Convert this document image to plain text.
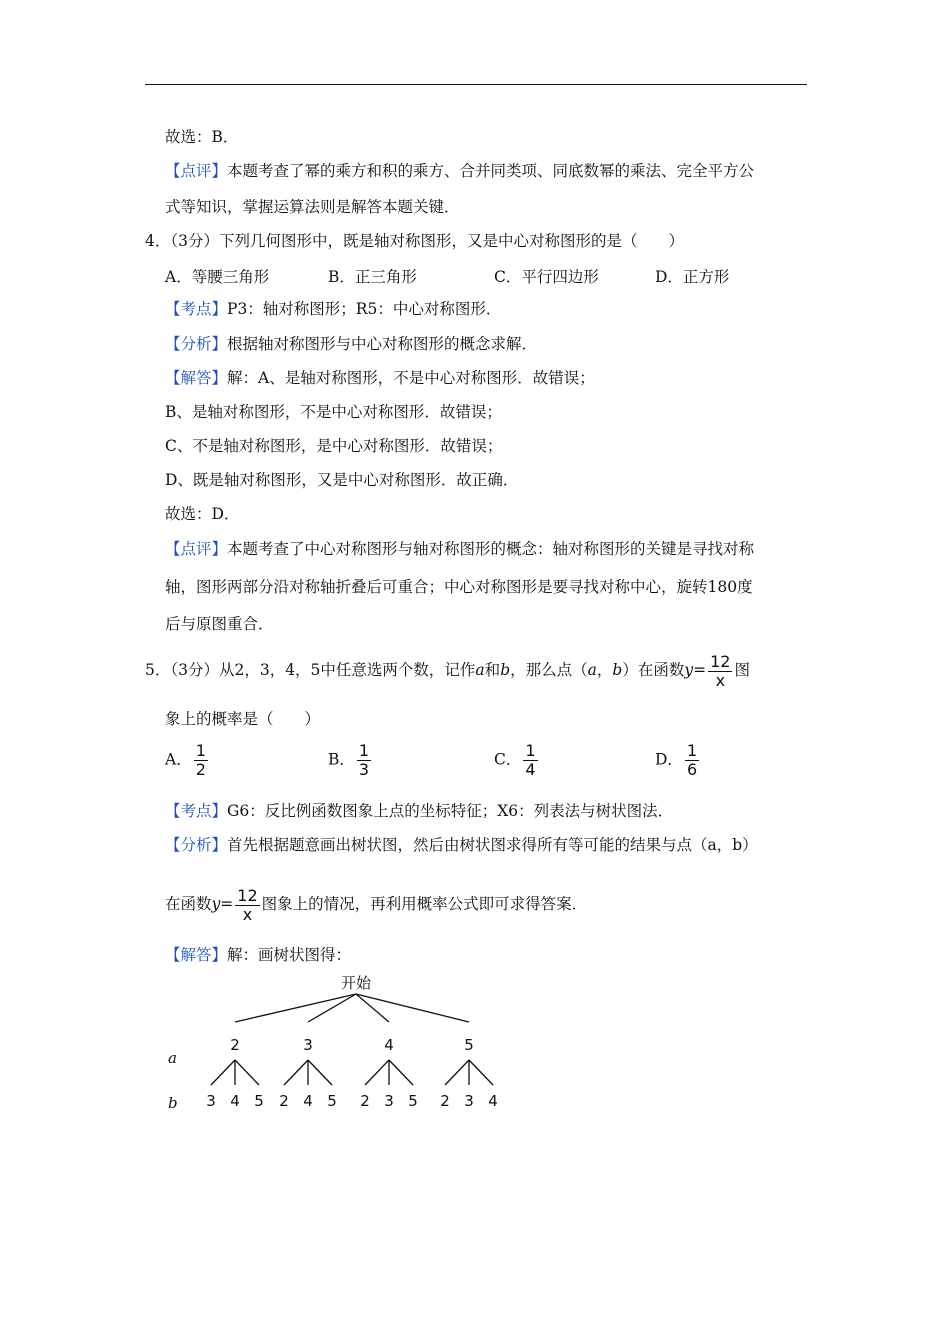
故选：B．
【点评】本题考查了幂的乘方和积的乘方、合并同类项、同底数幂的乘法、完全平方公
式等知识，掌握运算法则是解答本题关键．
4．（3分）下列几何图形中，既是轴对称图形，又是中心对称图形的是（　　）
A．等腰三角形	B．正三角形	C．平行四边形	D．正方形
【考点】P3：轴对称图形；R5：中心对称图形．
【分析】根据轴对称图形与中心对称图形的概念求解．
【解答】解：A、是轴对称图形，不是中心对称图形．故错误；
B、是轴对称图形，不是中心对称图形．故错误；
C、不是轴对称图形，是中心对称图形．故错误；
D、既是轴对称图形，又是中心对称图形．故正确．
故选：D．
【点评】本题考查了中心对称图形与轴对称图形的概念：轴对称图形的关键是寻找对称
轴，图形两部分沿对称轴折叠后可重合；中心对称图形是要寻找对称中心，旋转180度
后与原图重合．
5．（3分）从2，3，4，5中任意选两个数，记作a和b，那么点（a，b）在函数$y= \frac{12}{x}$ 图
象上的概率是（　　）
A． $\frac{1}{2}$	B． $\frac{1}{3}$	C． $\frac{1}{4}$	D． $\frac{1}{6}$
【考点】G6：反比例函数图象上点的坐标特征；X6：列表法与树状图法．
【分析】首先根据题意画出树状图，然后由树状图求得所有等可能的结果与点（a，b）
在函数$y= \frac{12}{x}$ 图象上的情况，再利用概率公式即可求得答案．
【解答】解：画树状图得：
开始
a
b
2
3 4 5
3
2 4 5
4
2 3 5
5
2 3 4
